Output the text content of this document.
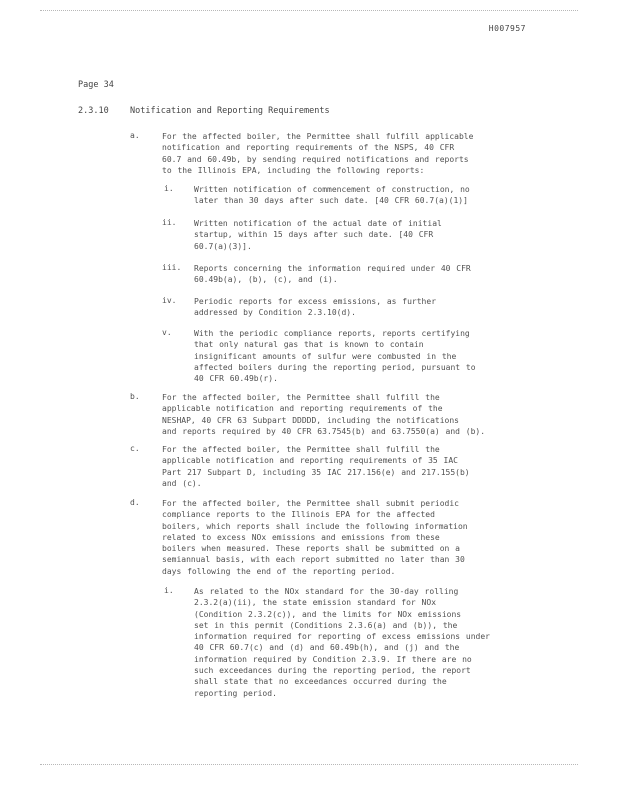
H007957
Page 34
2.3.10	Notification and Reporting Requirements
a.	For the affected boiler, the Permittee shall fulfill applicable
notification and reporting requirements of the NSPS, 40 CFR
60.7 and 60.49b, by sending required notifications and reports
to the Illinois EPA, including the following reports:
i.	Written notification of commencement of construction, no
later than 30 days after such date. [40 CFR 60.7(a)(1)]
ii. Written notification of the actual date of initial
startup, within 15 days after such date. [40 CFR
60.7(a)(3)].
iii. Reports concerning the information required under 40 CFR
60.49b(a), (b), (c), and (i).
iv. Periodic reports for excess emissions, as further
addressed by Condition 2.3.10(d).
v.	With the periodic compliance reports, reports certifying
that only natural gas that is known to contain
insignificant amounts of sulfur were combusted in the
affected boilers during the reporting period, pursuant to
40 CFR 60.49b(r).
b.	For the affected boiler, the Permittee shall fulfill the
applicable notification and reporting requirements of the
NESHAP, 40 CFR 63 Subpart DDDDD, including the notifications
and reports required by 40 CFR 63.7545(b) and 63.7550(a) and (b).
c.	For the affected boiler, the Permittee shall fulfill the
applicable notification and reporting requirements of 35 IAC
Part 217 Subpart D, including 35 IAC 217.156(e) and 217.155(b)
and (c).
d.	For the affected boiler, the Permittee shall submit periodic
compliance reports to the Illinois EPA for the affected
boilers, which reports shall include the following information
related to excess NOx emissions and emissions from these
boilers when measured. These reports shall be submitted on a
semiannual basis, with each report submitted no later than 30
days following the end of the reporting period.
i.	As related to the NOx standard for the 30-day rolling
2.3.2(a)(ii), the state emission standard for NOx
(Condition 2.3.2(c)), and the limits for NOx emissions
set in this permit (Conditions 2.3.6(a) and (b)), the
information required for reporting of excess emissions under
40 CFR 60.7(c) and (d) and 60.49b(h), and (j) and the
information required by Condition 2.3.9. If there are no
such exceedances during the reporting period, the report
shall state that no exceedances occurred during the
reporting period.
